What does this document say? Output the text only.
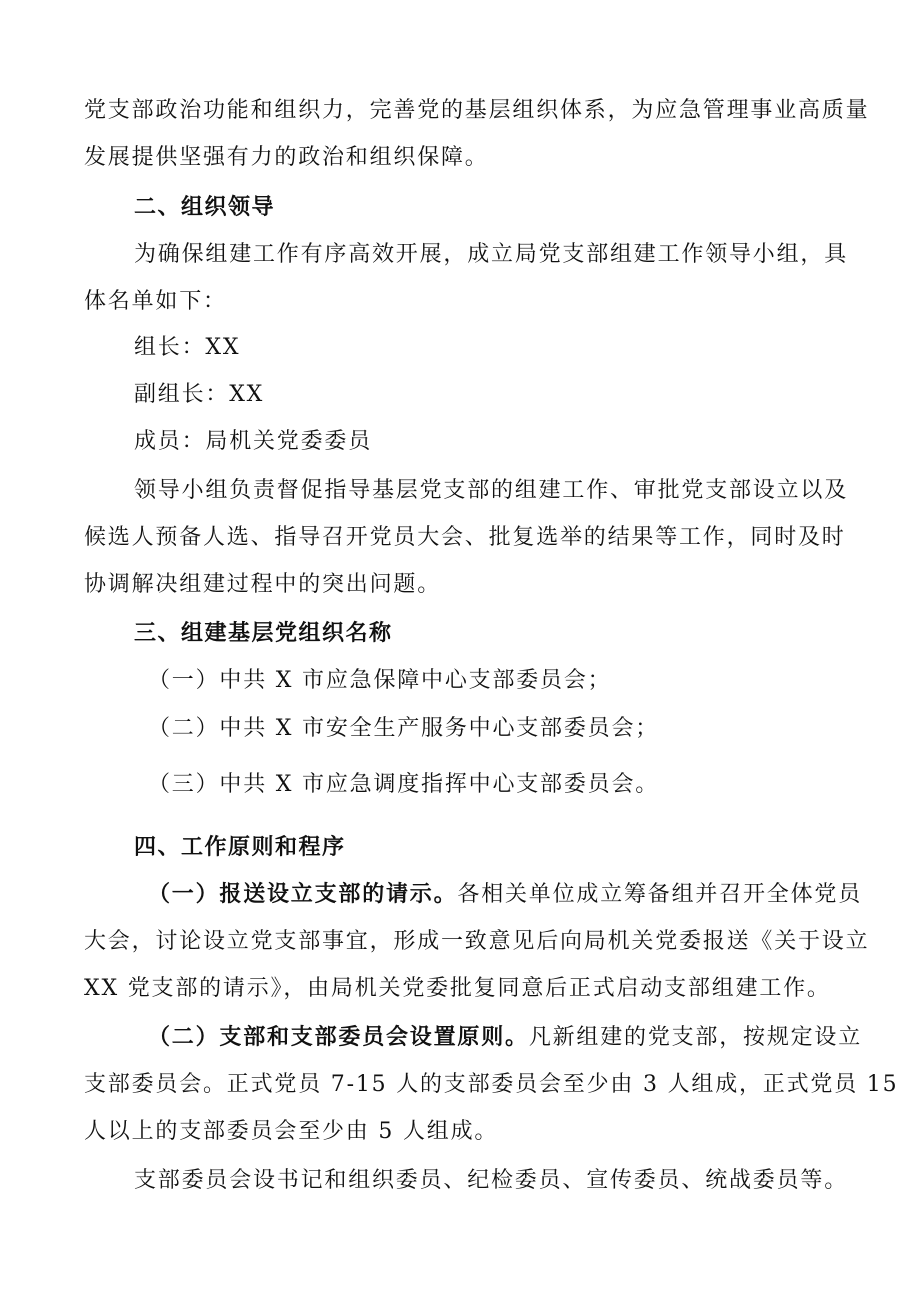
党支部政治功能和组织力，完善党的基层组织体系，为应急管理事业高质量
发展提供坚强有力的政治和组织保障。
二、组织领导
为确保组建工作有序高效开展，成立局党支部组建工作领导小组，具
体名单如下：
组长：XX
副组长：XX
成员：局机关党委委员
领导小组负责督促指导基层党支部的组建工作、审批党支部设立以及
候选人预备人选、指导召开党员大会、批复选举的结果等工作，同时及时
协调解决组建过程中的突出问题。
三、组建基层党组织名称
（一）中共 X 市应急保障中心支部委员会；
（二）中共 X 市安全生产服务中心支部委员会；
（三）中共 X 市应急调度指挥中心支部委员会。
四、工作原则和程序
（一）报送设立支部的请示。各相关单位成立筹备组并召开全体党员
大会，讨论设立党支部事宜，形成一致意见后向局机关党委报送《关于设立
XX 党支部的请示》，由局机关党委批复同意后正式启动支部组建工作。
（二）支部和支部委员会设置原则。凡新组建的党支部，按规定设立
支部委员会。正式党员 7-15 人的支部委员会至少由 3 人组成，正式党员 15
人以上的支部委员会至少由 5 人组成。
支部委员会设书记和组织委员、纪检委员、宣传委员、统战委员等。
